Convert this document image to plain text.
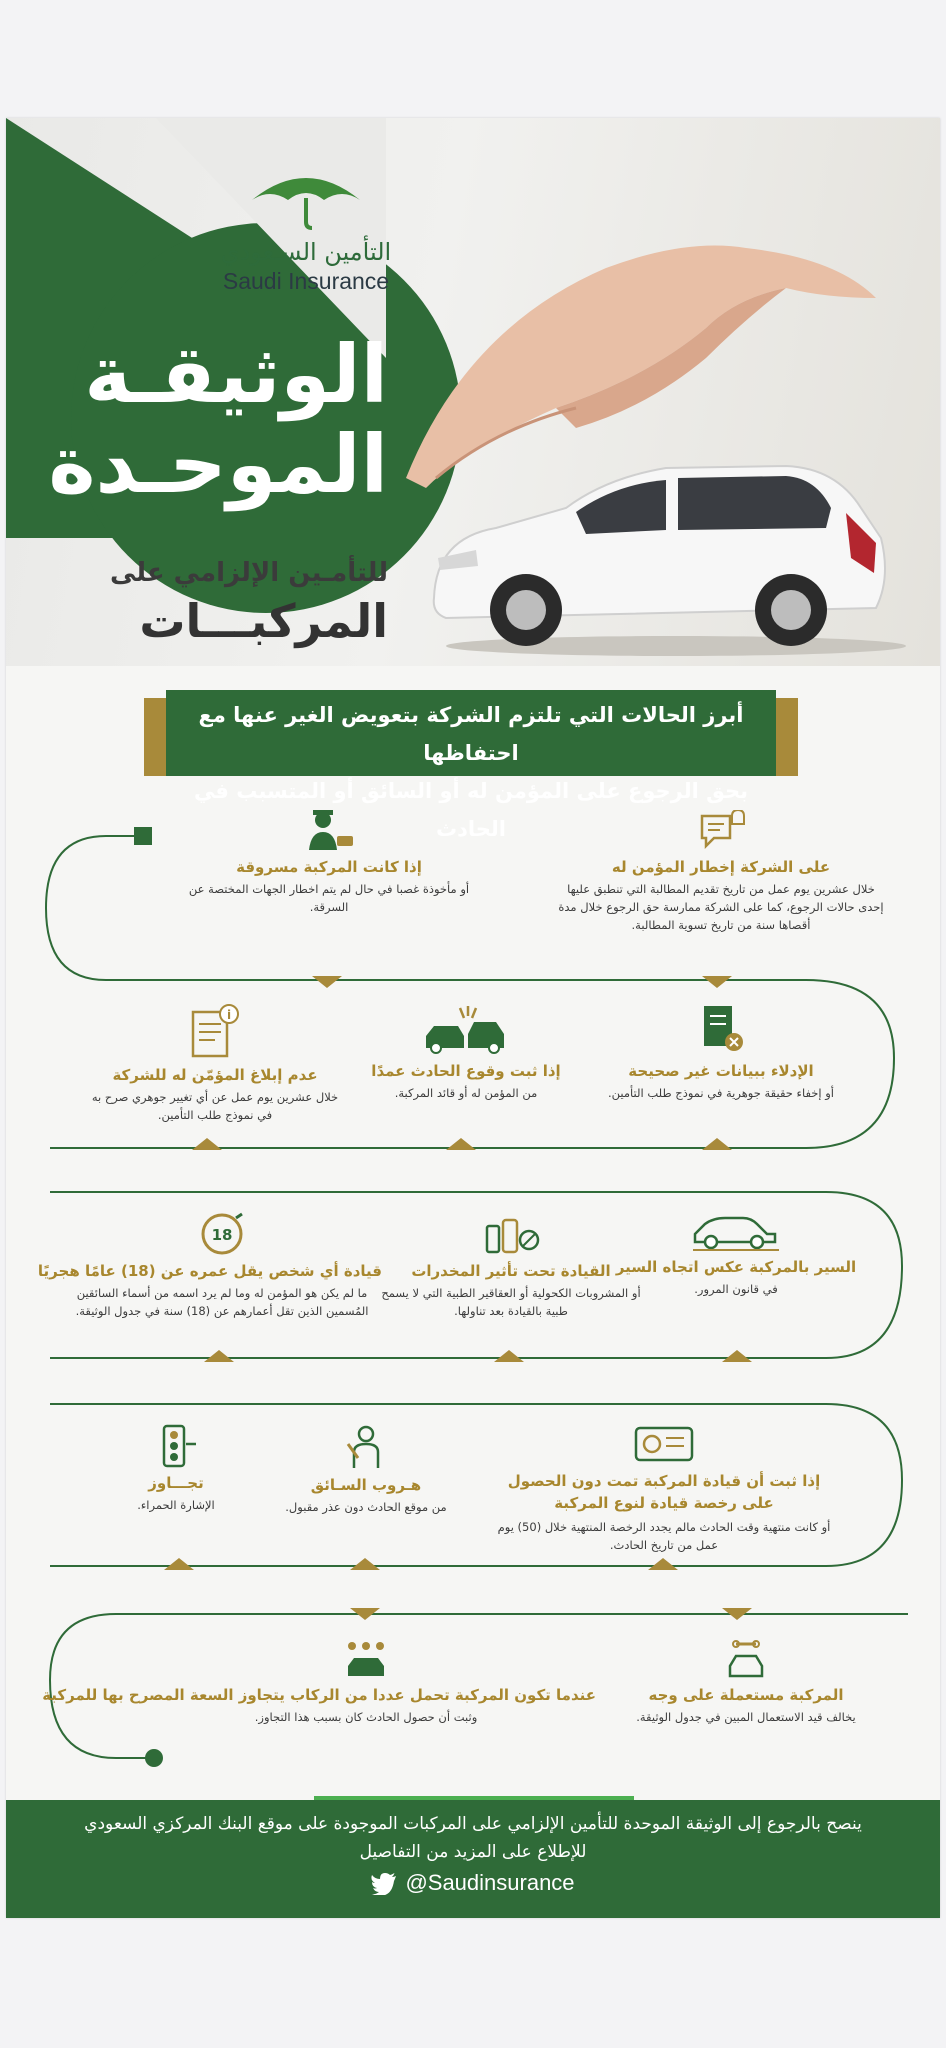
التأمين السـعودي
Saudi Insurance
الوثيقـة
الموحـدة
للتأمـين الإلزامي على
المركبـــات
أبرز الحالات التي تلتزم الشركة بتعويض الغير عنها مع احتفاظها
بحق الرجوع على المؤمن له أو السائق أو المتسبب في الحادث
على الشركة إخطار المؤمن له

خلال عشرين يوم عمل من تاريخ تقديم المطالبة التي تنطبق عليها إحدى حالات الرجوع، كما على الشركة ممارسة حق الرجوع خلال مدة أقصاها سنة من تاريخ تسوية المطالبة.

إذا كانت المركبة مسروقة

أو مأخوذة غصبا في حال لم يتم اخطار الجهات المختصة عن السرقة.

الإدلاء ببيانات غير صحيحة

أو إخفاء حقيقة جوهرية في نموذج طلب التأمين.

إذا ثبت وقوع الحادث عمدًا

من المؤمن له أو قائد المركبة.

i
عدم إبلاغ المؤمّن له للشركة

خلال عشرين يوم عمل عن أي تغيير جوهري صرح به في نموذج طلب التأمين.

السير بالمركبة عكس اتجاه السير

في قانون المرور.

القيادة تحت تأثير المخدرات

أو المشروبات الكحولية أو العقاقير الطبية التي لا يسمح طبية بالقيادة بعد تناولها.

18
قيادة أي شخص يقل عمره عن (18) عامًا هجريًا

ما لم يكن هو المؤمن له وما لم يرد اسمه من أسماء السائقين المُسمين الذين تقل أعمارهم عن (18) سنة في جدول الوثيقة.

إذا ثبت أن قيادة المركبة تمت دون الحصول على رخصة قيادة لنوع المركبة

أو كانت منتهية وقت الحادث مالم يجدد الرخصة المنتهية خلال (50) يوم عمل من تاريخ الحادث.

هـروب السـائق

من موقع الحادث دون عذر مقبول.

تجـــاوز

الإشارة الحمراء.

المركبة مستعملة على وجه

يخالف قيد الاستعمال المبين في جدول الوثيقة.

عندما تكون المركبة تحمل عددا من الركاب يتجاوز السعة المصرح بها للمركبة

وثبت أن حصول الحادث كان بسبب هذا التجاوز.

ينصح بالرجوع إلى الوثيقة الموحدة للتأمين الإلزامي على المركبات الموجودة على موقع البنك المركزي السعودي
للإطلاع على المزيد من التفاصيل
@Saudinsurance
